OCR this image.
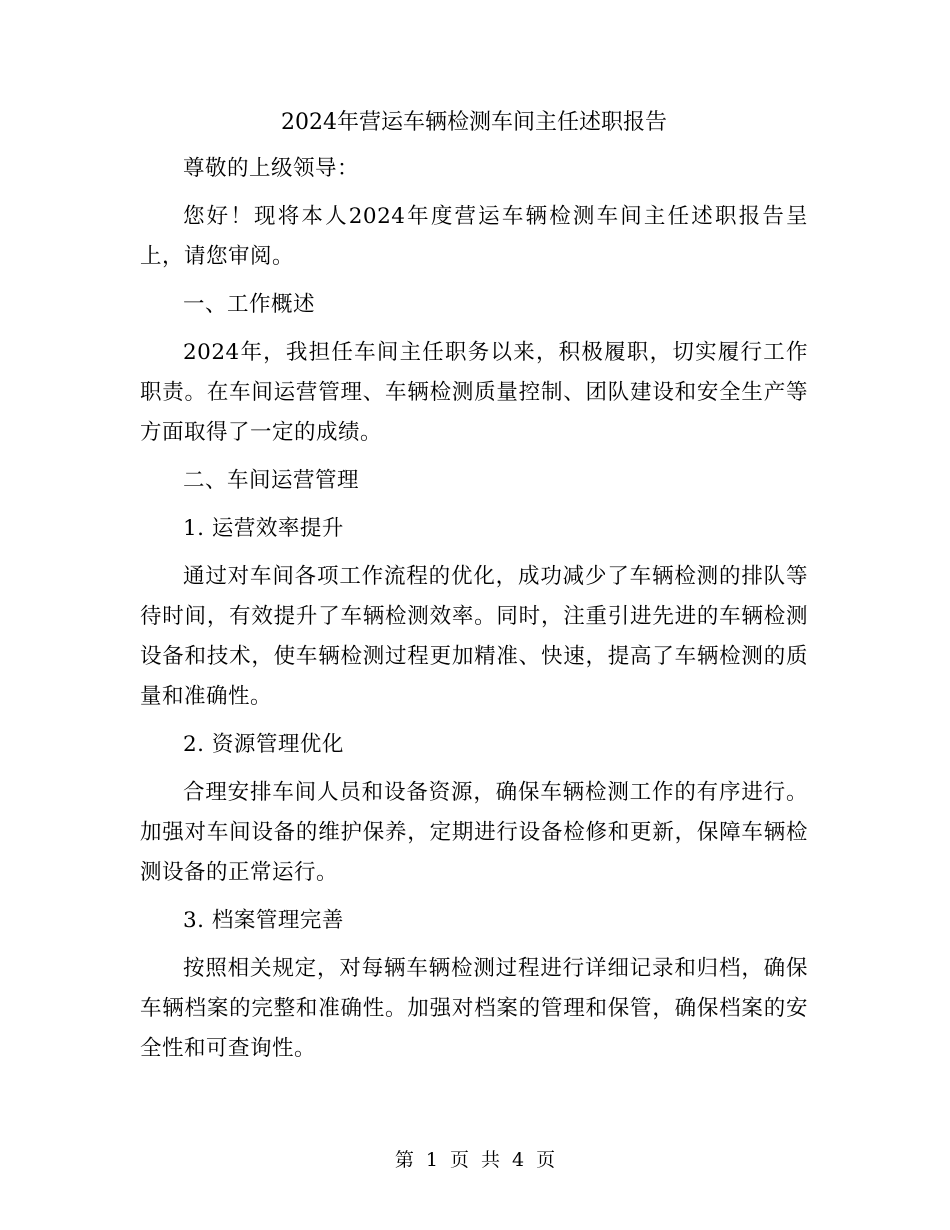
2024年营运车辆检测车间主任述职报告
尊敬的上级领导：
您好！现将本人2024年度营运车辆检测车间主任述职报告呈上，请您审阅。
一、工作概述
2024年，我担任车间主任职务以来，积极履职，切实履行工作职责。在车间运营管理、车辆检测质量控制、团队建设和安全生产等方面取得了一定的成绩。
二、车间运营管理
1. 运营效率提升
通过对车间各项工作流程的优化，成功减少了车辆检测的排队等待时间，有效提升了车辆检测效率。同时，注重引进先进的车辆检测设备和技术，使车辆检测过程更加精准、快速，提高了车辆检测的质量和准确性。
2. 资源管理优化
合理安排车间人员和设备资源，确保车辆检测工作的有序进行。加强对车间设备的维护保养，定期进行设备检修和更新，保障车辆检测设备的正常运行。
3. 档案管理完善
按照相关规定，对每辆车辆检测过程进行详细记录和归档，确保车辆档案的完整和准确性。加强对档案的管理和保管，确保档案的安全性和可查询性。
第 1 页 共 4 页
